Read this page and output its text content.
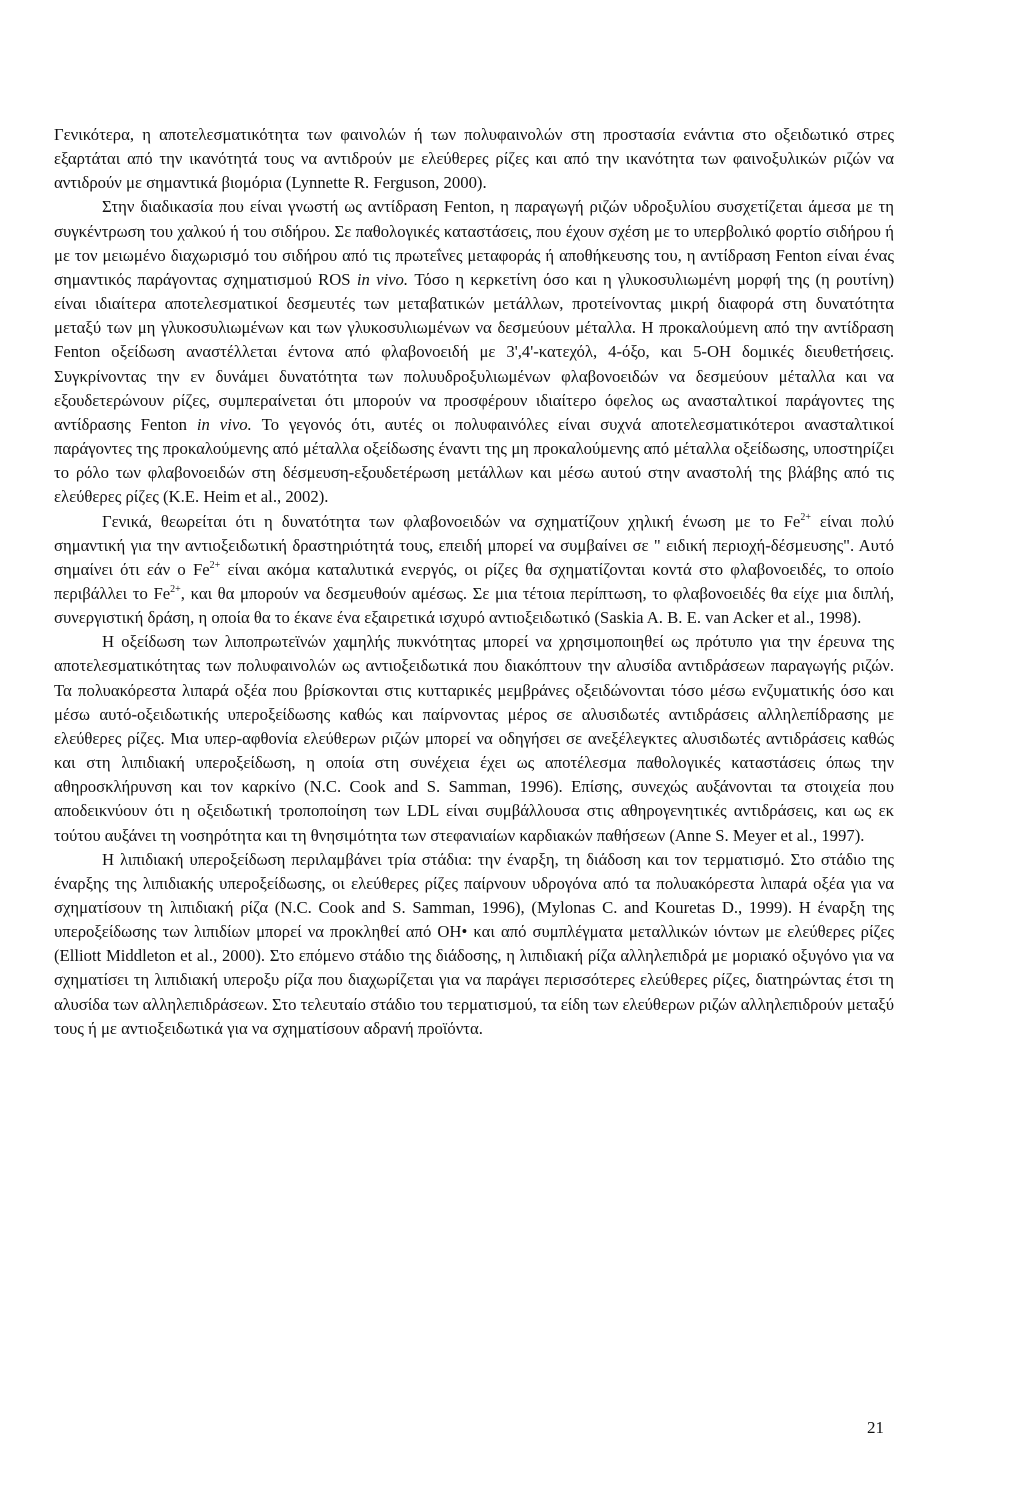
Γενικότερα, η αποτελεσματικότητα των φαινολών ή των πολυφαινολών στη προστασία ενάντια στο οξειδωτικό στρες εξαρτάται από την ικανότητά τους να αντιδρούν με ελεύθερες ρίζες και από την ικανότητα των φαινοξυλικών ριζών να αντιδρούν με σημαντικά βιομόρια (Lynnette R. Ferguson, 2000).

Στην διαδικασία που είναι γνωστή ως αντίδραση Fenton, η παραγωγή ριζών υδροξυλίου συσχετίζεται άμεσα με τη συγκέντρωση του χαλκού ή του σιδήρου. Σε παθολογικές καταστάσεις, που έχουν σχέση με το υπερβολικό φορτίο σιδήρου ή με τον μειωμένο διαχωρισμό του σιδήρου από τις πρωτεΐνες μεταφοράς ή αποθήκευσης του, η αντίδραση Fenton είναι ένας σημαντικός παράγοντας σχηματισμού ROS in vivo. Τόσο η κερκετίνη όσο και η γλυκοσυλιωμένη μορφή της (η ρουτίνη) είναι ιδιαίτερα αποτελεσματικοί δεσμευτές των μεταβατικών μετάλλων, προτείνοντας μικρή διαφορά στη δυνατότητα μεταξύ των μη γλυκοσυλιωμένων και των γλυκοσυλιωμένων να δεσμεύουν μέταλλα. Η προκαλούμενη από την αντίδραση Fenton οξείδωση αναστέλλεται έντονα από φλαβονοειδή με 3',4'-κατεχόλ, 4-όξο, και 5-ΟΗ δομικές διευθετήσεις. Συγκρίνοντας την εν δυνάμει δυνατότητα των πολυυδροξυλιωμένων φλαβονοειδών να δεσμεύουν μέταλλα και να εξουδετερώνουν ρίζες, συμπεραίνεται ότι μπορούν να προσφέρουν ιδιαίτερο όφελος ως ανασταλτικοί παράγοντες της αντίδρασης Fenton in vivo. Το γεγονός ότι, αυτές οι πολυφαινόλες είναι συχνά αποτελεσματικότεροι ανασταλτικοί παράγοντες της προκαλούμενης από μέταλλα οξείδωσης έναντι της μη προκαλούμενης από μέταλλα οξείδωσης, υποστηρίζει το ρόλο των φλαβονοειδών στη δέσμευση-εξουδετέρωση μετάλλων και μέσω αυτού στην αναστολή της βλάβης από τις ελεύθερες ρίζες (K.E. Heim et al., 2002).

Γενικά, θεωρείται ότι η δυνατότητα των φλαβονοειδών να σχηματίζουν χηλική ένωση με το $Fe^{2+}$ είναι πολύ σημαντική για την αντιοξειδωτική δραστηριότητά τους, επειδή μπορεί να συμβαίνει σε " ειδική περιοχή-δέσμευσης". Αυτό σημαίνει ότι εάν ο $Fe^{2+}$ είναι ακόμα καταλυτικά ενεργός, οι ρίζες θα σχηματίζονται κοντά στο φλαβονοειδές, το οποίο περιβάλλει το $Fe^{2+}$, και θα μπορούν να δεσμευθούν αμέσως. Σε μια τέτοια περίπτωση, το φλαβονοειδές θα είχε μια διπλή, συνεργιστική δράση, η οποία θα το έκανε ένα εξαιρετικά ισχυρό αντιοξειδωτικό (Saskia A. B. E. van Acker et al., 1998).

Η οξείδωση των λιποπρωτεϊνών χαμηλής πυκνότητας μπορεί να χρησιμοποιηθεί ως πρότυπο για την έρευνα της αποτελεσματικότητας των πολυφαινολών ως αντιοξειδωτικά που διακόπτουν την αλυσίδα αντιδράσεων παραγωγής ριζών. Τα πολυακόρεστα λιπαρά οξέα που βρίσκονται στις κυτταρικές μεμβράνες οξειδώνονται τόσο μέσω ενζυματικής όσο και μέσω αυτό-οξειδωτικής υπεροξείδωσης καθώς και παίρνοντας μέρος σε αλυσιδωτές αντιδράσεις αλληλεπίδρασης με ελεύθερες ρίζες. Μια υπερ-αφθονία ελεύθερων ριζών μπορεί να οδηγήσει σε ανεξέλεγκτες αλυσιδωτές αντιδράσεις καθώς και στη λιπιδιακή υπεροξείδωση, η οποία στη συνέχεια έχει ως αποτέλεσμα παθολογικές καταστάσεις όπως την αθηροσκλήρυνση και τον καρκίνο (N.C. Cook and S. Samman, 1996). Επίσης, συνεχώς αυξάνονται τα στοιχεία που αποδεικνύουν ότι η οξειδωτική τροποποίηση των LDL είναι συμβάλλουσα στις αθηρογενητικές αντιδράσεις, και ως εκ τούτου αυξάνει τη νοσηρότητα και τη θνησιμότητα των στεφανιαίων καρδιακών παθήσεων (Anne S. Meyer et al., 1997).

Η λιπιδιακή υπεροξείδωση περιλαμβάνει τρία στάδια: την έναρξη, τη διάδοση και τον τερματισμό. Στο στάδιο της έναρξης της λιπιδιακής υπεροξείδωσης, οι ελεύθερες ρίζες παίρνουν υδρογόνα από τα πολυακόρεστα λιπαρά οξέα για να σχηματίσουν τη λιπιδιακή ρίζα (N.C. Cook and S. Samman, 1996), (Mylonas C. and Kouretas D., 1999). Η έναρξη της υπεροξείδωσης των λιπιδίων μπορεί να προκληθεί από ΟΗ• και από συμπλέγματα μεταλλικών ιόντων με ελεύθερες ρίζες (Elliott Middleton et al., 2000). Στο επόμενο στάδιο της διάδοσης, η λιπιδιακή ρίζα αλληλεπιδρά με μοριακό οξυγόνο για να σχηματίσει τη λιπιδιακή υπεροξυ ρίζα που διαχωρίζεται για να παράγει περισσότερες ελεύθερες ρίζες, διατηρώντας έτσι τη αλυσίδα των αλληλεπιδράσεων. Στο τελευταίο στάδιο του τερματισμού, τα είδη των ελεύθερων ριζών αλληλεπιδρούν μεταξύ τους ή με αντιοξειδωτικά για να σχηματίσουν αδρανή προϊόντα.

21
